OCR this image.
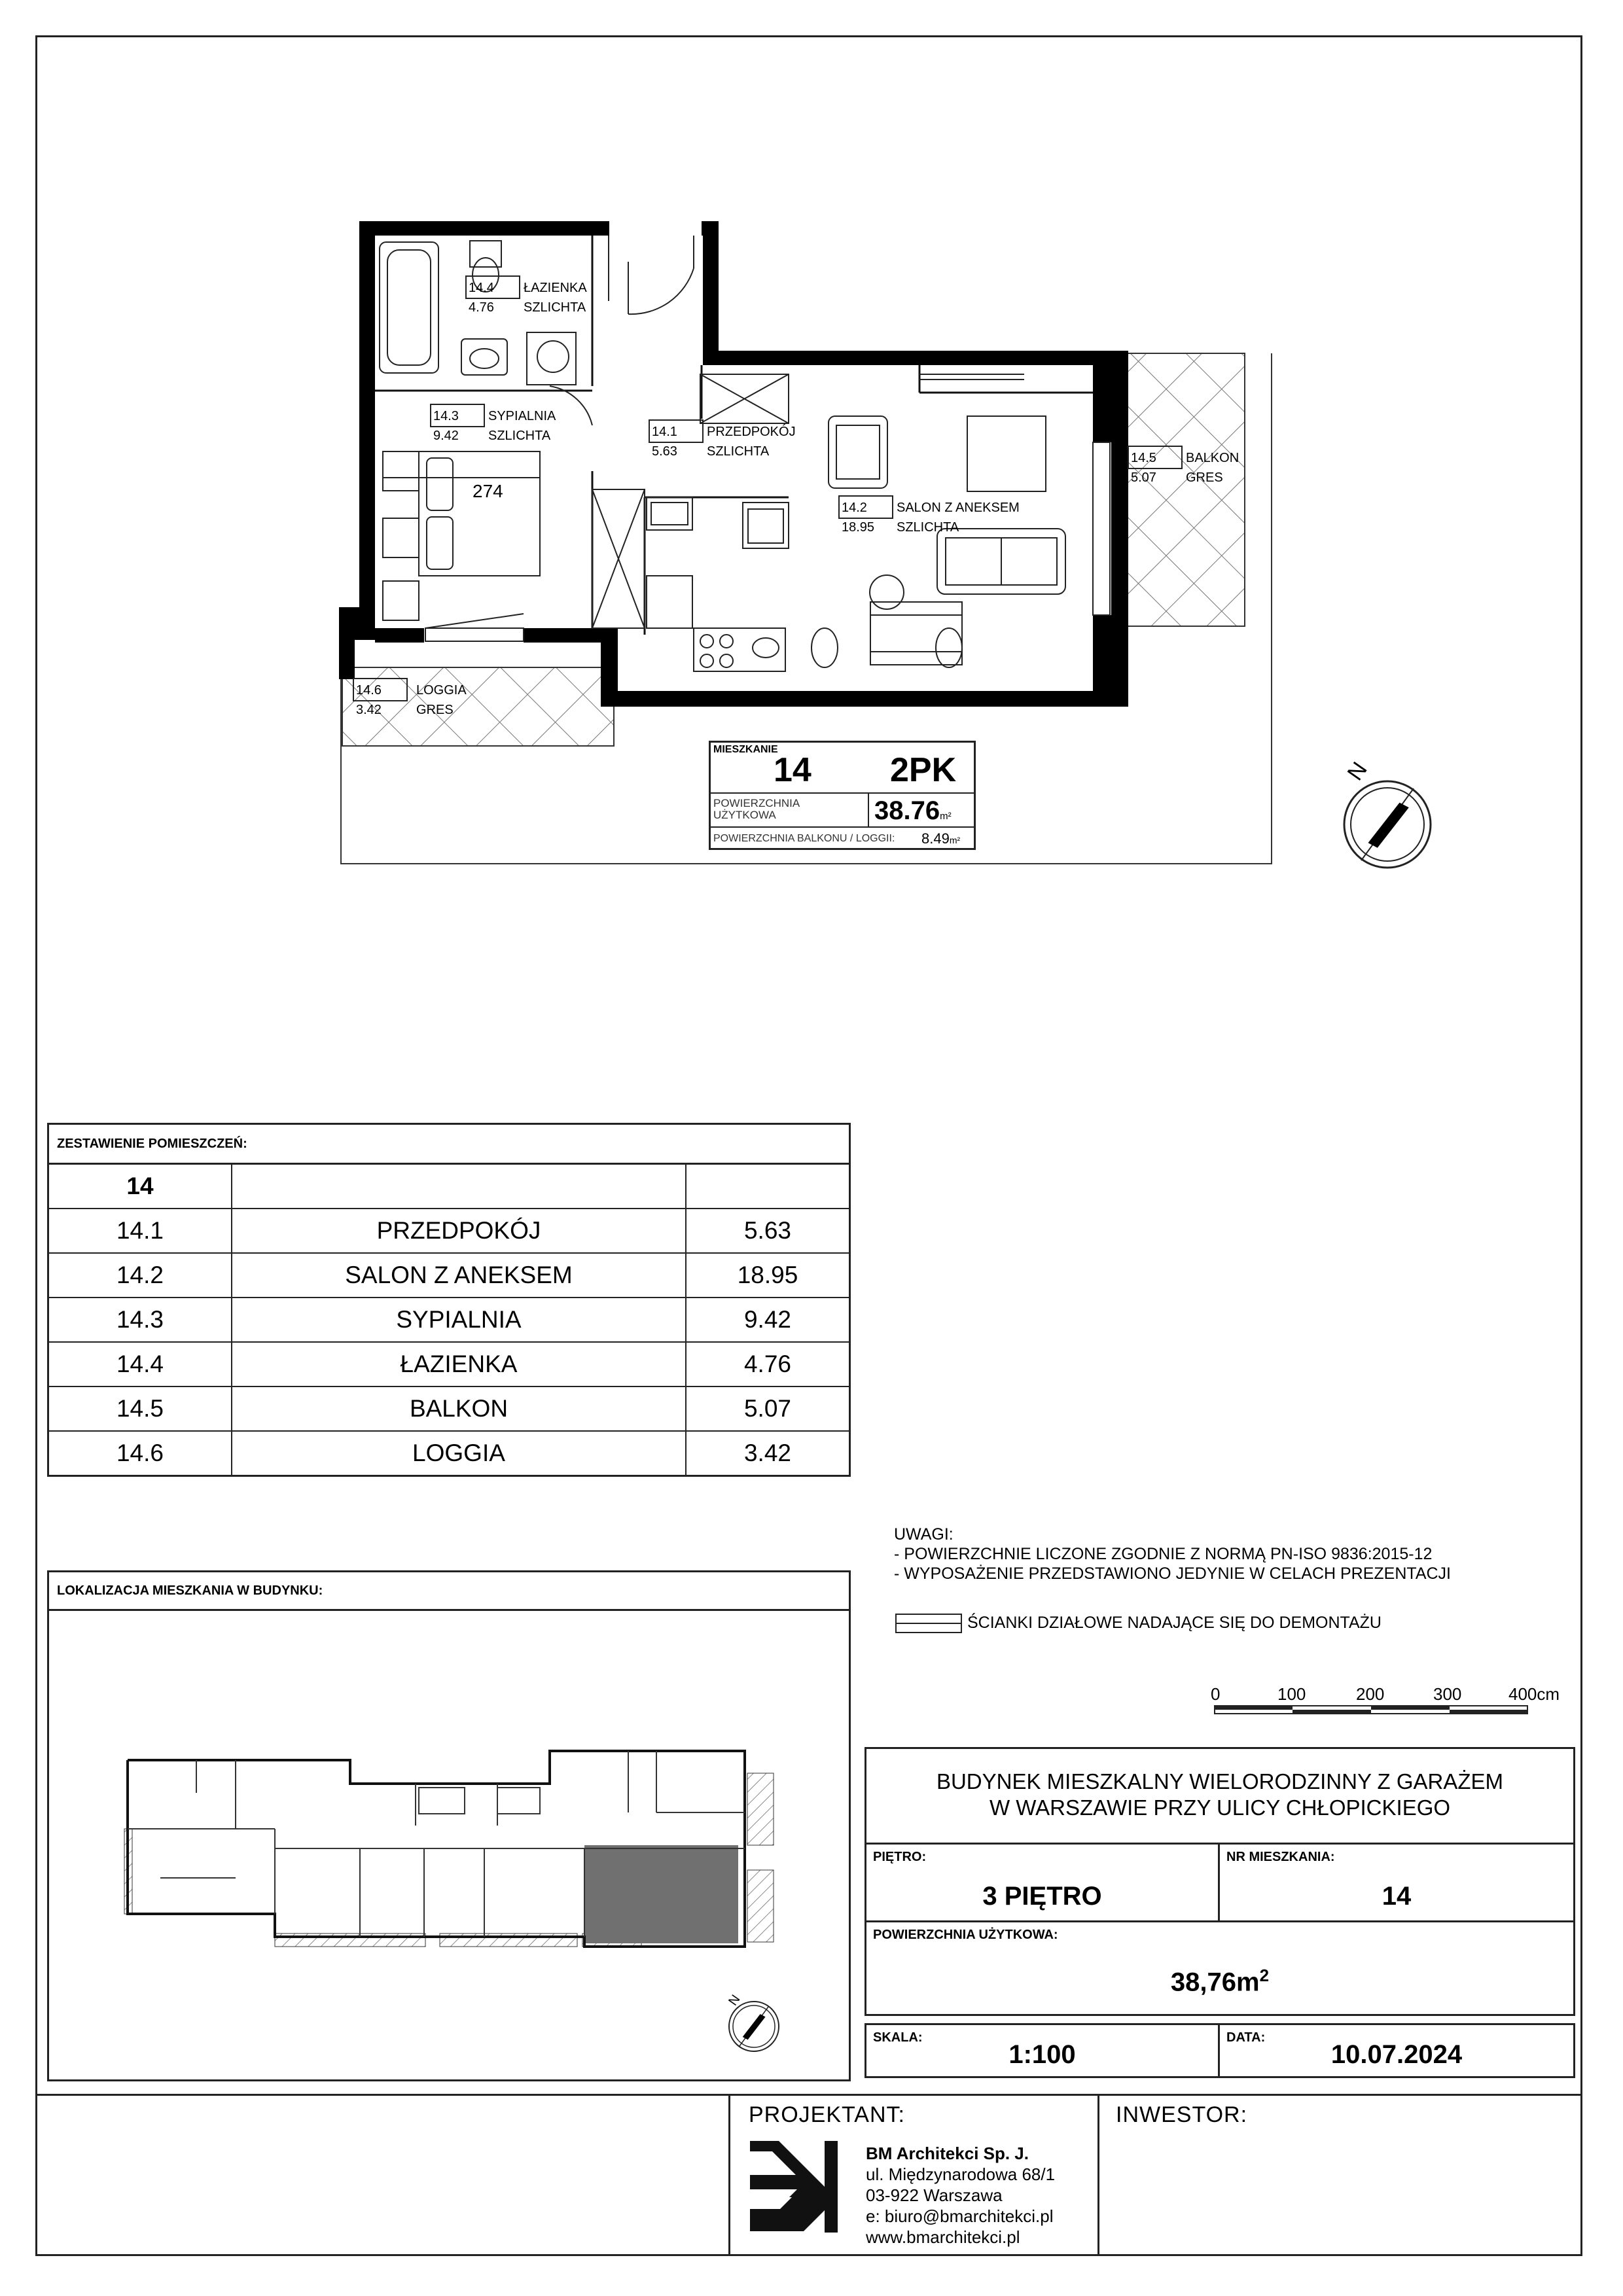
274
14.4
4.76
ŁAZIENKA
SZLICHTA
14.3
9.42
SYPIALNIA
SZLICHTA	14.1
5.63
PRZEDPOKÓJ
SZLICHTA
14.2
18.95
SALON Z ANEKSEM
SZLICHTA
14.5
5.07
BALKON
GRES
14.6
3.42
LOGGIA
GRES
N
MIESZKANIE
14 2PK
POWIERZCHNIA
UŻYTKOWA	38.76m²
POWIERZCHNIA BALKONU / LOGGII: 8.49m²
ZESTAWIENIE POMIESZCZEŃ:
14		
14.1	PRZEDPOKÓJ	5.63
14.2	SALON Z ANEKSEM	18.95
14.3	SYPIALNIA	9.42
14.4	ŁAZIENKA	4.76
14.5	BALKON	5.07
14.6	LOGGIA	3.42
UWAGI:
- POWIERZCHNIE LICZONE ZGODNIE Z NORMĄ PN-ISO 9836:2015-12
- WYPOSAŻENIE PRZEDSTAWIONO JEDYNIE W CELACH PREZENTACJI
ŚCIANKI DZIAŁOWE NADAJĄCE SIĘ DO DEMONTAŻU
0	100	200	300	400cm
LOKALIZACJA MIESZKANIA W BUDYNKU:
N
BUDYNEK MIESZKALNY WIELORODZINNY Z GARAŻEM
W WARSZAWIE PRZY ULICY CHŁOPICKIEGO
PIĘTRO:
3 PIĘTRO
NR MIESZKANIA:
14
POWIERZCHNIA UŻYTKOWA:
$38,76m^2$
SKALA:
1:100
DATA:
10.07.2024
PROJEKTANT:	INWESTOR:
BM Architekci Sp. J.
ul. Międzynarodowa 68/1
03-922 Warszawa
e: biuro@bmarchitekci.pl
www.bmarchitekci.pl
